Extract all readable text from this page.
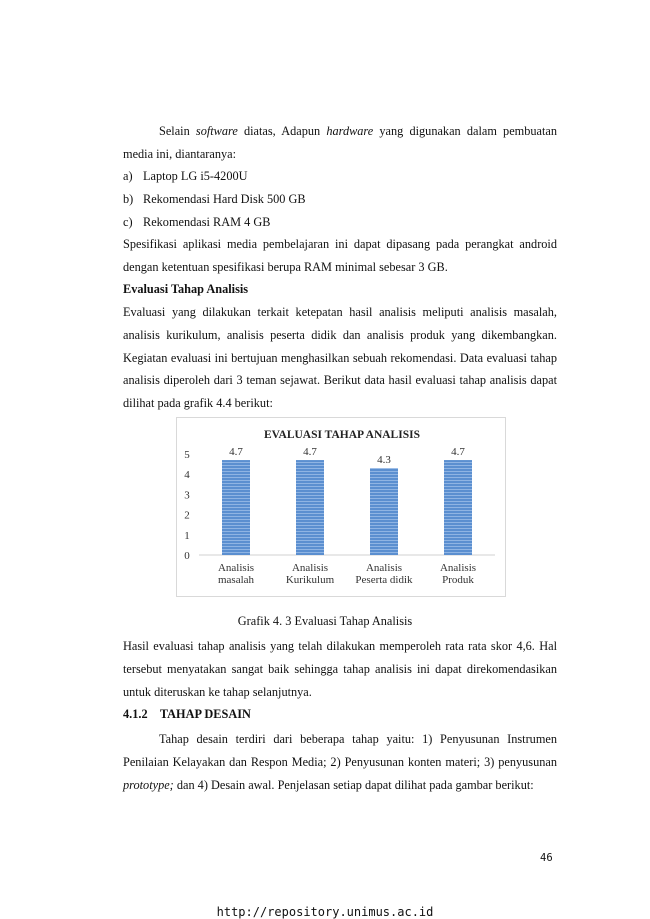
Selain software diatas, Adapun hardware yang digunakan dalam pembuatan media ini, diantaranya:

a) Laptop LG i5-4200U
b) Rekomendasi Hard Disk 500 GB
c) Rekomendasi RAM 4 GB

Spesifikasi aplikasi media pembelajaran ini dapat dipasang pada perangkat android dengan ketentuan spesifikasi berupa RAM minimal sebesar 3 GB.

Evaluasi Tahap Analisis

Evaluasi yang dilakukan terkait ketepatan hasil analisis meliputi analisis masalah, analisis kurikulum, analisis peserta didik dan analisis produk yang dikembangkan. Kegiatan evaluasi ini bertujuan menghasilkan sebuah rekomendasi. Data evaluasi tahap analisis diperoleh dari 3 teman sejawat. Berikut data hasil evaluasi tahap analisis dapat dilihat pada grafik 4.4 berikut:

EVALUASI TAHAP ANALISIS
0
1
2
3
4
5	4.7
Analisis
masalah
4.7
Analisis
Kurikulum
4.3
Analisis
Peserta didik
4.7
Analisis
Produk
Grafik 4. 3 Evaluasi Tahap Analisis

Hasil evaluasi tahap analisis yang telah dilakukan memperoleh rata rata skor 4,6. Hal tersebut menyatakan sangat baik sehingga tahap analisis ini dapat direkomendasikan untuk diteruskan ke tahap selanjutnya.

4.1.2 TAHAP DESAIN

Tahap desain terdiri dari beberapa tahap yaitu: 1) Penyusunan Instrumen Penilaian Kelayakan dan Respon Media; 2) Penyusunan konten materi; 3) penyusunan prototype; dan 4) Desain awal. Penjelasan setiap dapat dilihat pada gambar berikut:

46
http://repository.unimus.ac.id
